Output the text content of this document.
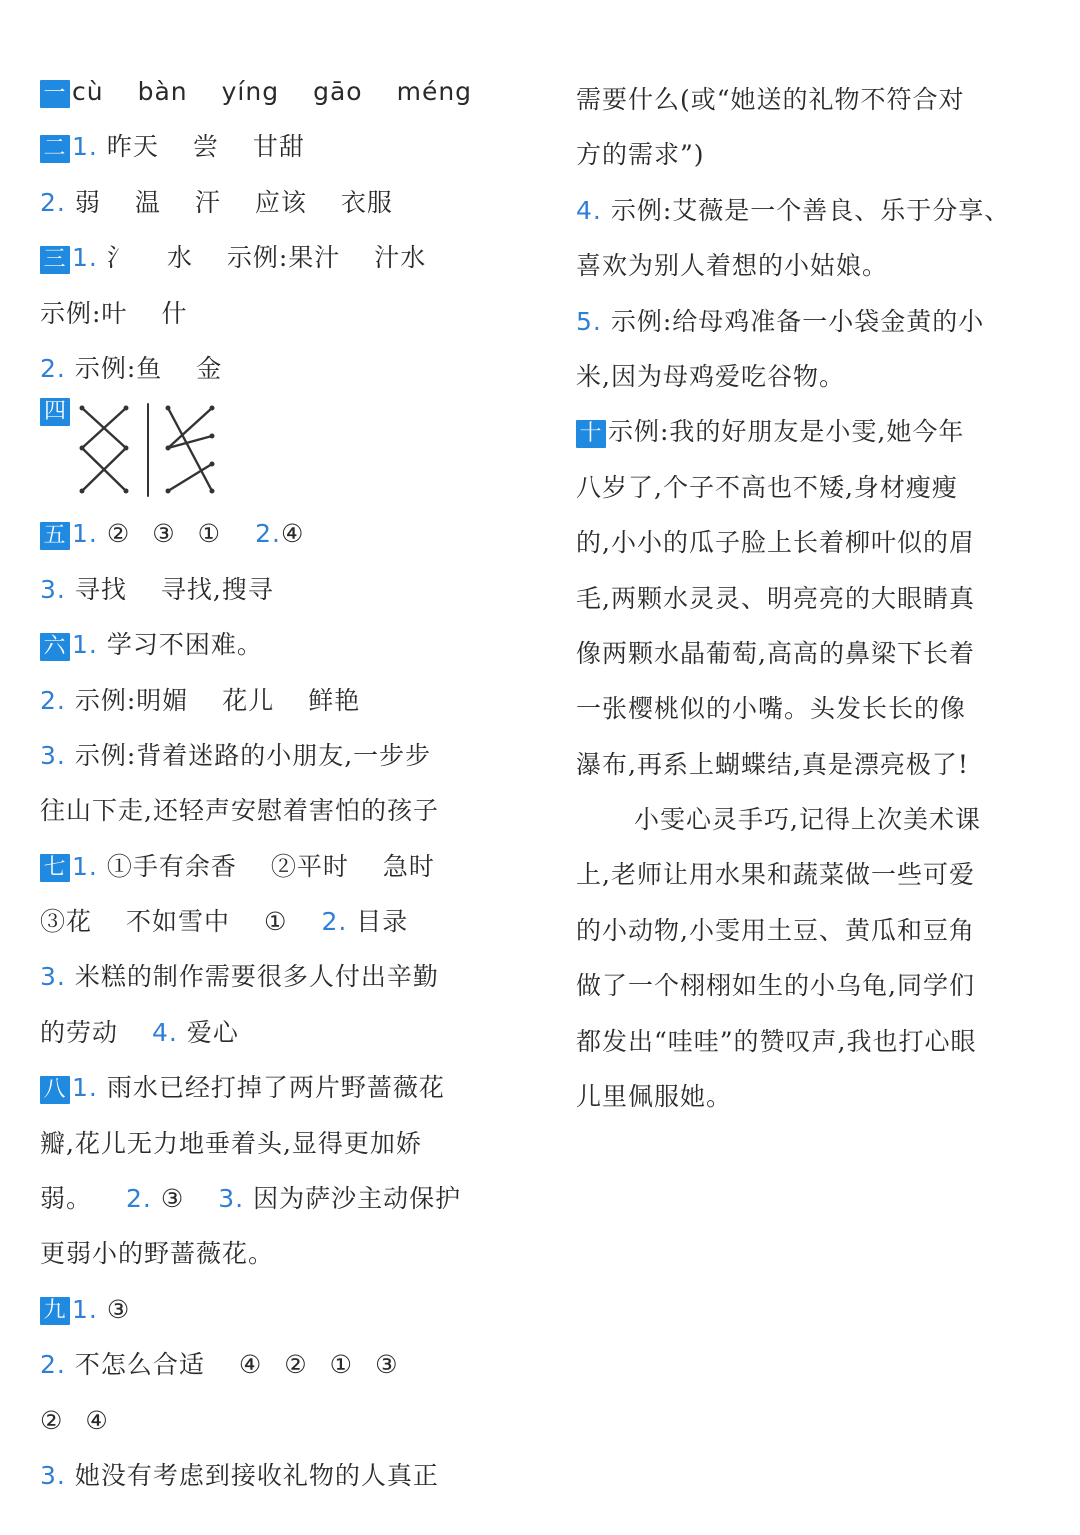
一 cù bàn yíng gāo méng
二 1. 昨天 尝 甘甜
2. 弱 温 汗 应该 衣服
三 1. 氵 水 示例:果汁 汁水
示例:叶 什
2. 示例:鱼 金
四
五 1. ② ③ ① 2.④
3. 寻找 寻找,搜寻
六 1. 学习不困难。
2. 示例:明媚 花儿 鲜艳
3. 示例:背着迷路的小朋友,一步步
往山下走,还轻声安慰着害怕的孩子
七 1. ①手有余香 ②平时 急时
③花 不如雪中 ① 2. 目录
3. 米糕的制作需要很多人付出辛勤
的劳动 4. 爱心
八 1. 雨水已经打掉了两片野蔷薇花
瓣,花儿无力地垂着头,显得更加娇
弱。 2. ③ 3. 因为萨沙主动保护
更弱小的野蔷薇花。
九 1. ③
2. 不怎么合适 ④ ② ① ③
② ④
3. 她没有考虑到接收礼物的人真正
需要什么(或“她送的礼物不符合对
方的需求”)
4. 示例:艾薇是一个善良、乐于分享、
喜欢为别人着想的小姑娘。
5. 示例:给母鸡准备一小袋金黄的小
米,因为母鸡爱吃谷物。
十 示例:我的好朋友是小雯,她今年
八岁了,个子不高也不矮,身材瘦瘦
的,小小的瓜子脸上长着柳叶似的眉
毛,两颗水灵灵、明亮亮的大眼睛真
像两颗水晶葡萄,高高的鼻梁下长着
一张樱桃似的小嘴。头发长长的像
瀑布,再系上蝴蝶结,真是漂亮极了!
小雯心灵手巧,记得上次美术课
上,老师让用水果和蔬菜做一些可爱
的小动物,小雯用土豆、黄瓜和豆角
做了一个栩栩如生的小乌龟,同学们
都发出“哇哇”的赞叹声,我也打心眼
儿里佩服她。
